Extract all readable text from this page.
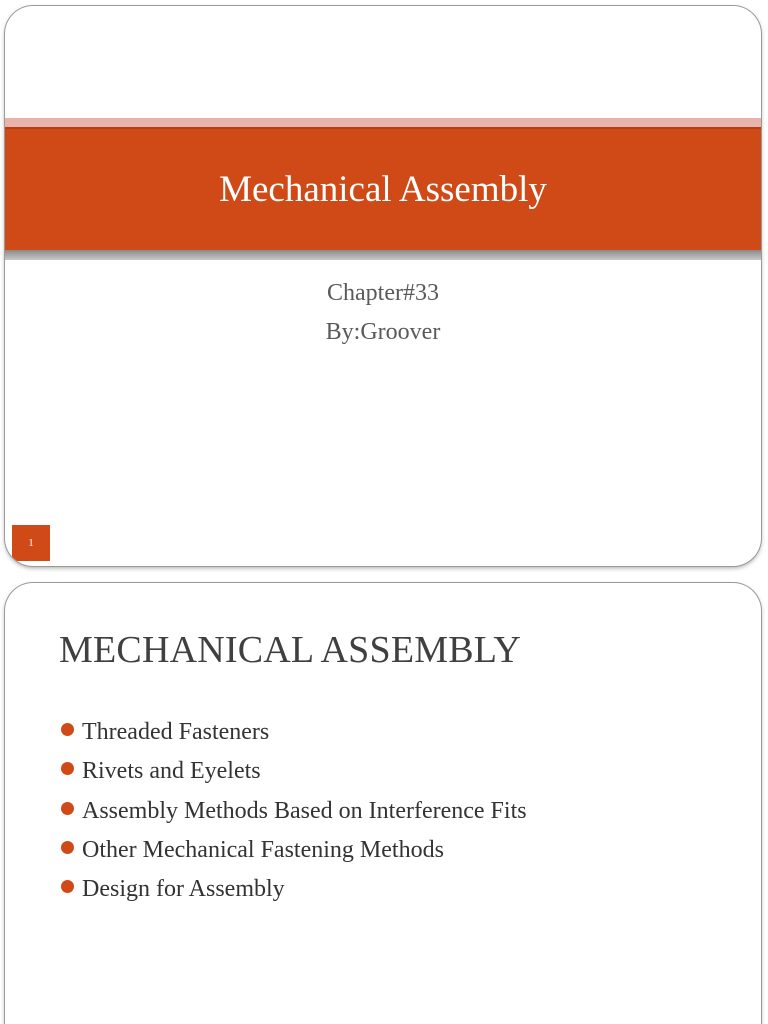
Mechanical Assembly
Chapter#33
By:Groover
1
MECHANICAL ASSEMBLY
Threaded Fasteners
Rivets and Eyelets
Assembly Methods Based on Interference Fits
Other Mechanical Fastening Methods
Design for Assembly
